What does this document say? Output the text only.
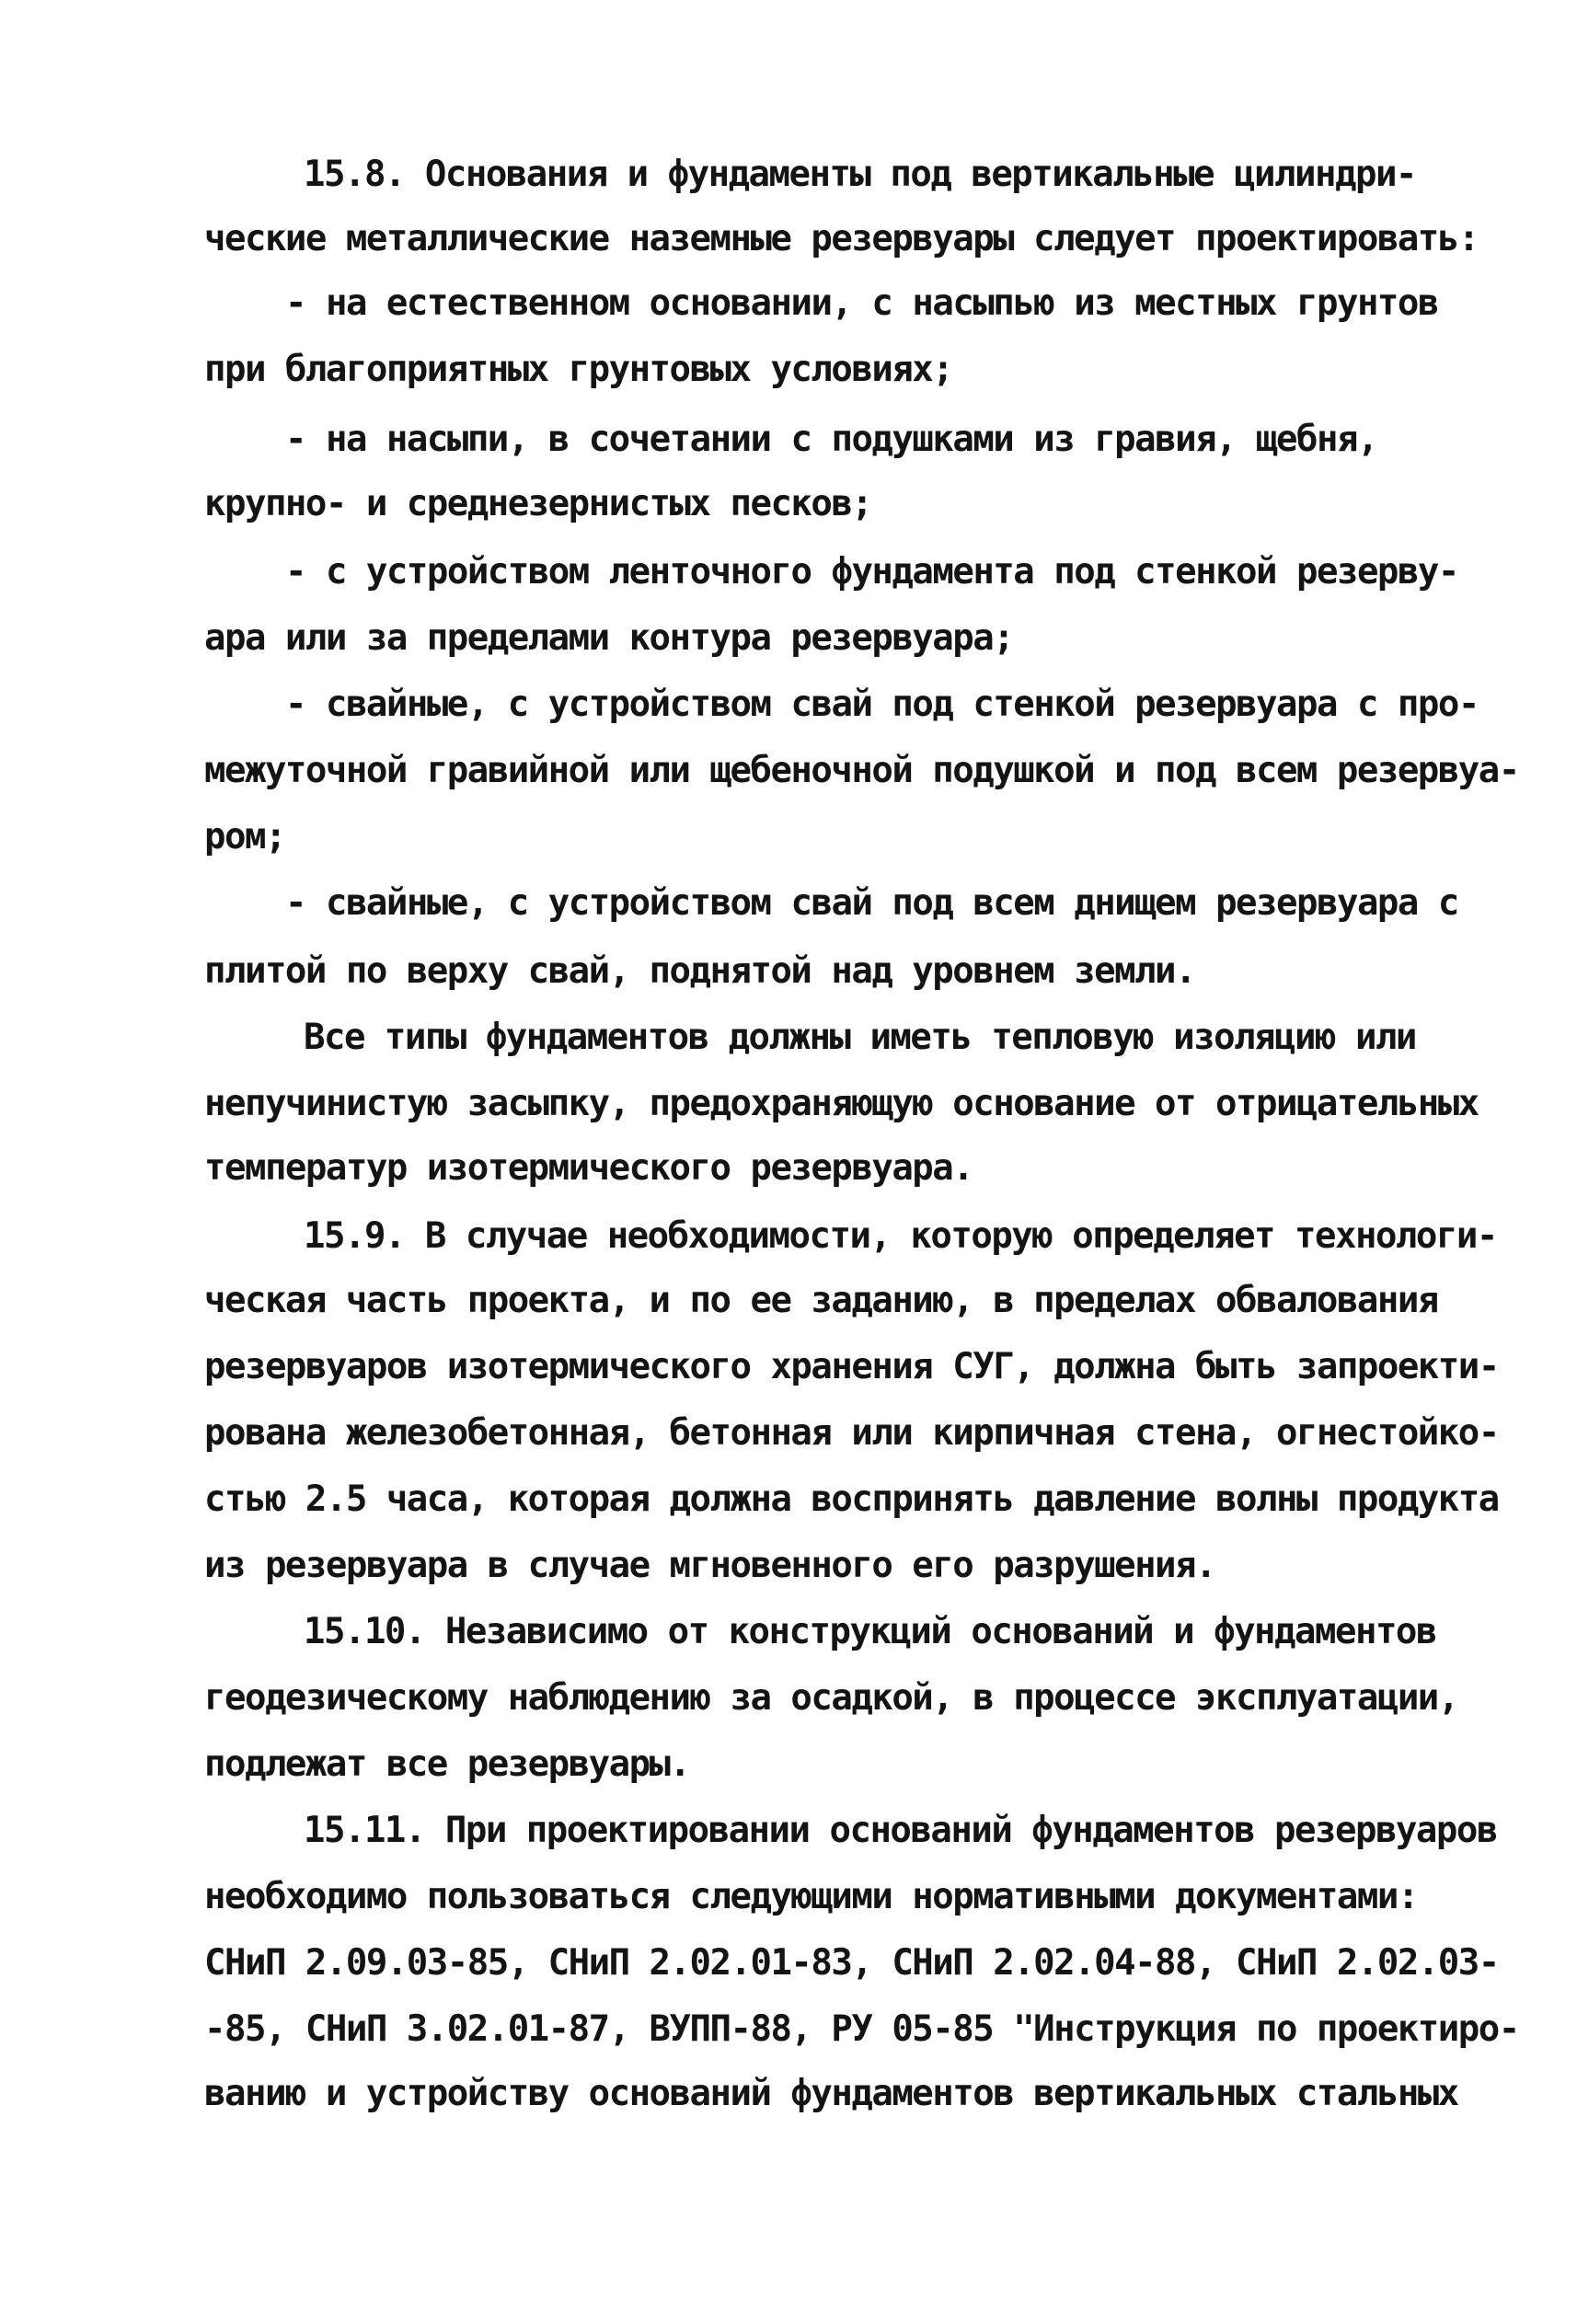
15.8. Основания и фундаменты под вертикальные цилиндри-
ческие металлические наземные резервуары следует проектировать:
- на естественном основании, с насыпью из местных грунтов
при благоприятных грунтовых условиях;
- на насыпи, в сочетании с подушками из гравия, щебня,
крупно- и среднезернистых песков;
- с устройством ленточного фундамента под стенкой резерву-
ара или за пределами контура резервуара;
- свайные, с устройством свай под стенкой резервуара с про-
межуточной гравийной или щебеночной подушкой и под всем резервуа-
ром;
- свайные, с устройством свай под всем днищем резервуара с
плитой по верху свай, поднятой над уровнем земли.
Все типы фундаментов должны иметь тепловую изоляцию или
непучинистую засыпку, предохраняющую основание от отрицательных
температур изотермического резервуара.
15.9. В случае необходимости, которую определяет технологи-
ческая часть проекта, и по ее заданию, в пределах обвалования
резервуаров изотермического хранения СУГ, должна быть запроекти-
рована железобетонная, бетонная или кирпичная стена, огнестойко-
стью 2.5 часа, которая должна воспринять давление волны продукта
из резервуара в случае мгновенного его разрушения.
15.10. Независимо от конструкций оснований и фундаментов
геодезическому наблюдению за осадкой, в процессе эксплуатации,
подлежат все резервуары.
15.11. При проектировании оснований фундаментов резервуаров
необходимо пользоваться следующими нормативными документами:
СНиП 2.09.03-85, СНиП 2.02.01-83, СНиП 2.02.04-88, СНиП 2.02.03-
-85, СНиП 3.02.01-87, ВУПП-88, РУ 05-85 "Инструкция по проектиро-
ванию и устройству оснований фундаментов вертикальных стальных
